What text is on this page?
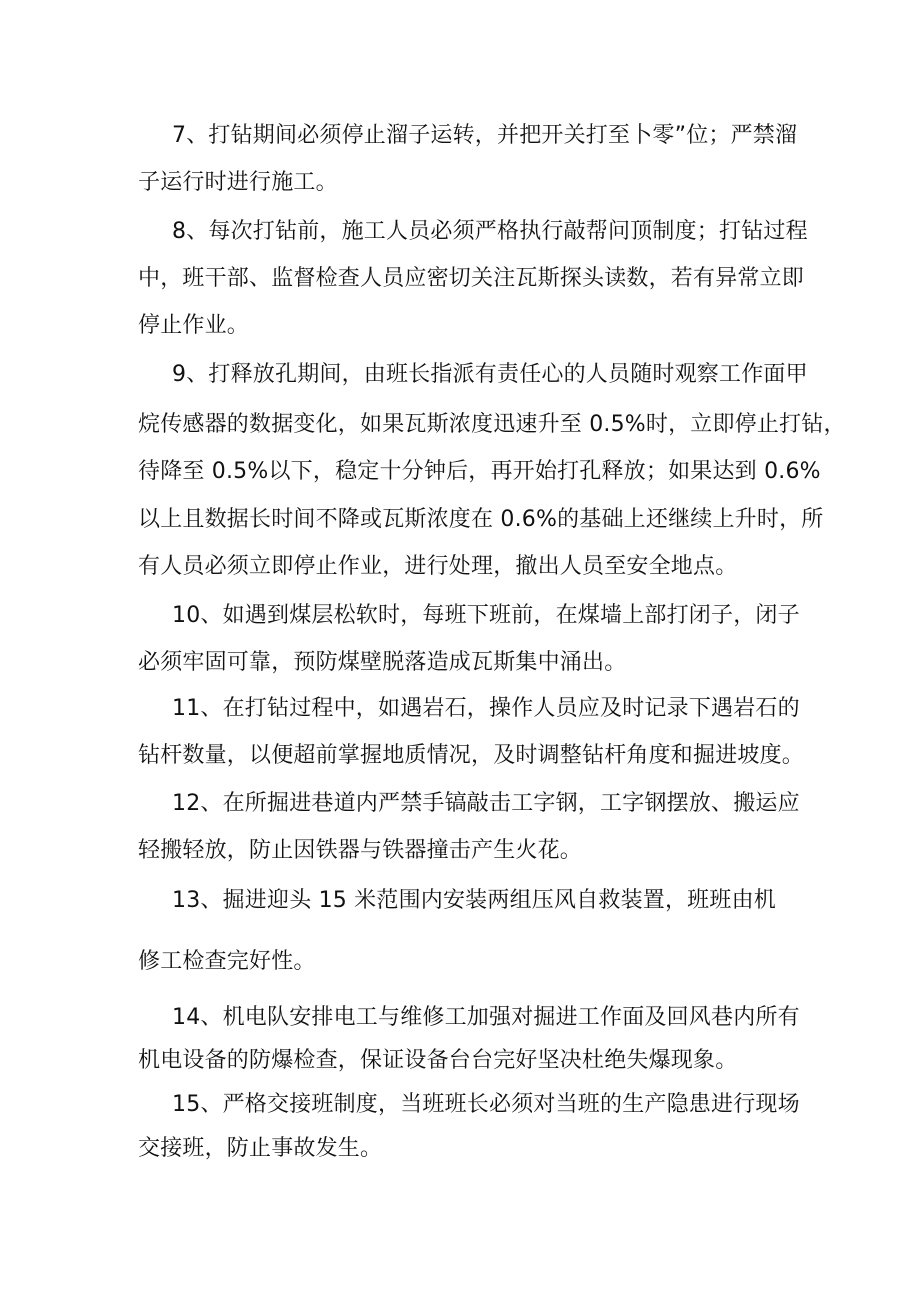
7、打钻期间必须停止溜子运转，并把开关打至卜零”位；严禁溜
子运行时进行施工。
8、每次打钻前，施工人员必须严格执行敲帮问顶制度；打钻过程
中，班干部、监督检查人员应密切关注瓦斯探头读数，若有异常立即
停止作业。
9、打释放孔期间，由班长指派有责任心的人员随时观察工作面甲
烷传感器的数据变化，如果瓦斯浓度迅速升至 0.5%时，立即停止打钻，
待降至 0.5%以下，稳定十分钟后，再开始打孔释放；如果达到 0.6%
以上且数据长时间不降或瓦斯浓度在 0.6%的基础上还继续上升时，所
有人员必须立即停止作业，进行处理，撤出人员至安全地点。
10、如遇到煤层松软时，每班下班前，在煤墙上部打闭子，闭子
必须牢固可靠，预防煤壁脱落造成瓦斯集中涌出。
11、在打钻过程中，如遇岩石，操作人员应及时记录下遇岩石的
钻杆数量，以便超前掌握地质情况，及时调整钻杆角度和掘进坡度。
12、在所掘进巷道内严禁手镐敲击工字钢，工字钢摆放、搬运应
轻搬轻放，防止因铁器与铁器撞击产生火花。
13、掘进迎头 15 米范围内安装两组压风自救装置，班班由机
修工检查完好性。
14、机电队安排电工与维修工加强对掘进工作面及回风巷内所有
机电设备的防爆检查，保证设备台台完好坚决杜绝失爆现象。
15、严格交接班制度，当班班长必须对当班的生产隐患进行现场
交接班，防止事故发生。
